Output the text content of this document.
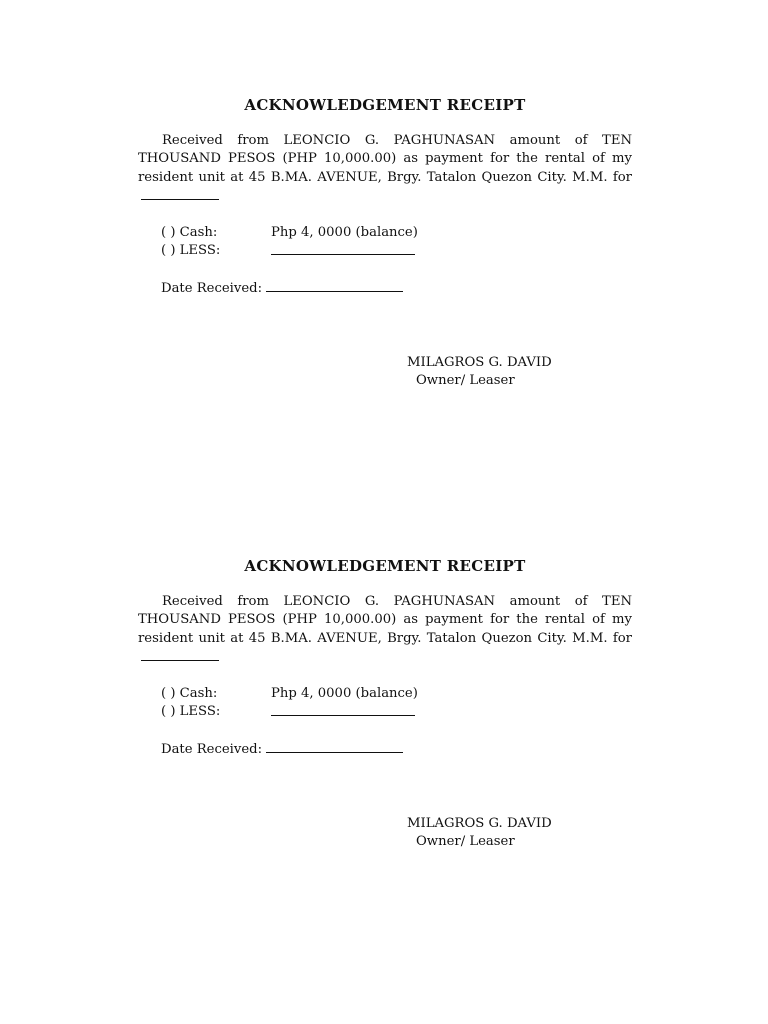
ACKNOWLEDGEMENT RECEIPT
Received from LEONCIO G. PAGHUNASAN amount of TEN THOUSAND PESOS (PHP 10,000.00) as payment for the rental of my resident unit at 45 B.MA. AVENUE, Brgy. Tatalon Quezon City. M.M. for
( ) Cash:	Php 4, 0000 (balance)
( ) LESS:
Date Received:
MILAGROS G. DAVID
Owner/ Leaser
ACKNOWLEDGEMENT RECEIPT
Received from LEONCIO G. PAGHUNASAN amount of TEN THOUSAND PESOS (PHP 10,000.00) as payment for the rental of my resident unit at 45 B.MA. AVENUE, Brgy. Tatalon Quezon City. M.M. for
( ) Cash:	Php 4, 0000 (balance)
( ) LESS:
Date Received:
MILAGROS G. DAVID
Owner/ Leaser
